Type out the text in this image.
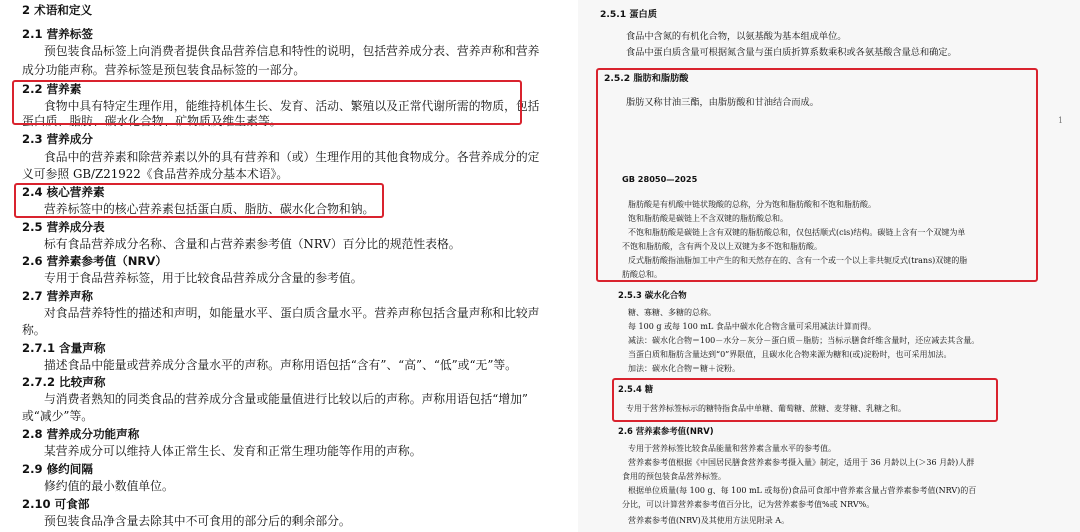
2 术语和定义
2.1 营养标签
预包装食品标签上向消费者提供食品营养信息和特性的说明，包括营养成分表、营养声称和营养
成分功能声称。营养标签是预包装食品标签的一部分。
2.2 营养素
食物中具有特定生理作用，能维持机体生长、发育、活动、繁殖以及正常代谢所需的物质，包括
蛋白质、脂肪、碳水化合物、矿物质及维生素等。
2.3 营养成分
食品中的营养素和除营养素以外的具有营养和（或）生理作用的其他食物成分。各营养成分的定
义可参照 GB/Z21922《食品营养成分基本术语》。
2.4 核心营养素
营养标签中的核心营养素包括蛋白质、脂肪、碳水化合物和钠。
2.5 营养成分表
标有食品营养成分名称、含量和占营养素参考值（NRV）百分比的规范性表格。
2.6 营养素参考值（NRV）
专用于食品营养标签，用于比较食品营养成分含量的参考值。
2.7 营养声称
对食品营养特性的描述和声明，如能量水平、蛋白质含量水平。营养声称包括含量声称和比较声
称。
2.7.1 含量声称
描述食品中能量或营养成分含量水平的声称。声称用语包括“含有”、“高”、“低”或“无”等。
2.7.2 比较声称
与消费者熟知的同类食品的营养成分含量或能量值进行比较以后的声称。声称用语包括“增加”
或“减少”等。
2.8 营养成分功能声称
某营养成分可以维持人体正常生长、发育和正常生理功能等作用的声称。
2.9 修约间隔
修约值的最小数值单位。
2.10 可食部
预包装食品净含量去除其中不可食用的部分后的剩余部分。
2.5.1 蛋白质
食品中含氮的有机化合物，以氨基酸为基本组成单位。
食品中蛋白质含量可根据氮含量与蛋白质折算系数乘积或各氨基酸含量总和确定。
2.5.2 脂肪和脂肪酸
脂肪又称甘油三酯，由脂肪酸和甘油结合而成。
1
GB 28050—2025
脂肪酸是有机酸中链状羧酸的总称，分为饱和脂肪酸和不饱和脂肪酸。
饱和脂肪酸是碳链上不含双键的脂肪酸总和。
不饱和脂肪酸是碳链上含有双键的脂肪酸总和，仅包括顺式(cis)结构。碳链上含有一个双键为单
不饱和脂肪酸，含有两个及以上双键为多不饱和脂肪酸。
反式脂肪酸指油脂加工中产生的和天然存在的、含有一个或一个以上非共轭反式(trans)双键的脂
肪酸总和。
2.5.3 碳水化合物
糖、寡糖、多糖的总称。
每 100 g 或每 100 mL 食品中碳水化合物含量可采用减法计算而得。
减法：碳水化合物＝100－水分－灰分－蛋白质－脂肪；当标示膳食纤维含量时，还应减去其含量。
当蛋白质和脂肪含量达到“0”界限值，且碳水化合物来源为糖和(或)淀粉时，也可采用加法。
加法：碳水化合物＝糖＋淀粉。
2.5.4 糖
专用于营养标签标示的糖特指食品中单糖、葡萄糖、蔗糖、麦芽糖、乳糖之和。
2.6 营养素参考值(NRV)
专用于营养标签比较食品能量和营养素含量水平的参考值。
营养素参考值根据《中国居民膳食营养素参考摄入量》制定，适用于 36 月龄以上(＞36 月龄)人群
食用的预包装食品营养标签。
根据单位质量(每 100 g、每 100 mL 或每份)食品可食部中营养素含量占营养素参考值(NRV)的百
分比，可以计算营养素参考值百分比，记为营养素参考值%或 NRV%。
营养素参考值(NRV)及其使用方法见附录 A。
